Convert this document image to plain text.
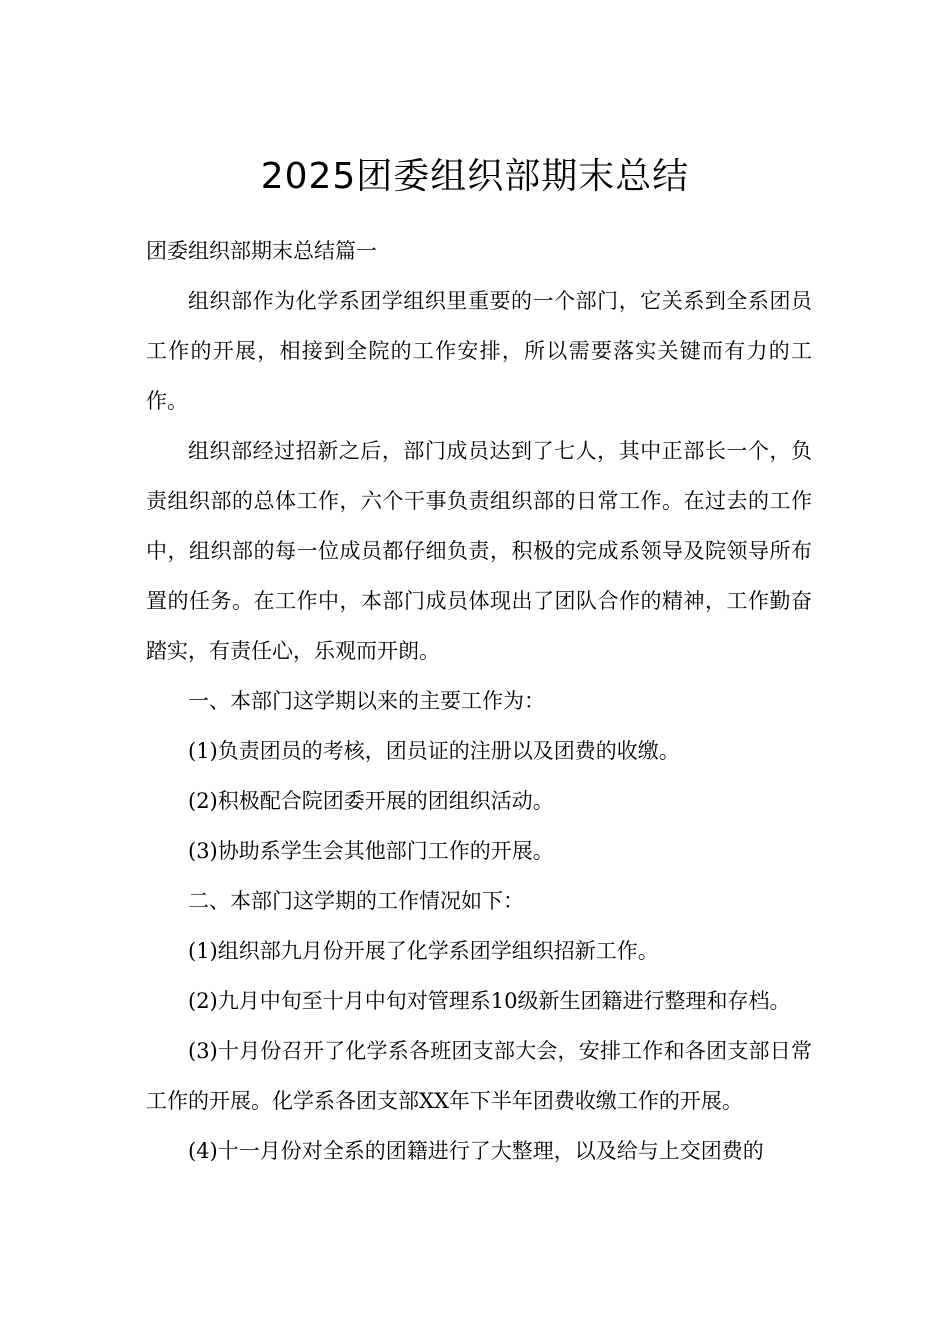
2025团委组织部期末总结

团委组织部期末总结篇一

组织部作为化学系团学组织里重要的一个部门，它关系到全系团员工作的开展，相接到全院的工作安排，所以需要落实关键而有力的工作。

组织部经过招新之后，部门成员达到了七人，其中正部长一个，负责组织部的总体工作，六个干事负责组织部的日常工作。在过去的工作中，组织部的每一位成员都仔细负责，积极的完成系领导及院领导所布置的任务。在工作中，本部门成员体现出了团队合作的精神，工作勤奋踏实，有责任心，乐观而开朗。

一、本部门这学期以来的主要工作为：

(1)负责团员的考核，团员证的注册以及团费的收缴。

(2)积极配合院团委开展的团组织活动。

(3)协助系学生会其他部门工作的开展。

二、本部门这学期的工作情况如下：

(1)组织部九月份开展了化学系团学组织招新工作。

(2)九月中旬至十月中旬对管理系10级新生团籍进行整理和存档。

(3)十月份召开了化学系各班团支部大会，安排工作和各团支部日常工作的开展。化学系各团支部XX年下半年团费收缴工作的开展。

(4)十一月份对全系的团籍进行了大整理，以及给与上交团费的
